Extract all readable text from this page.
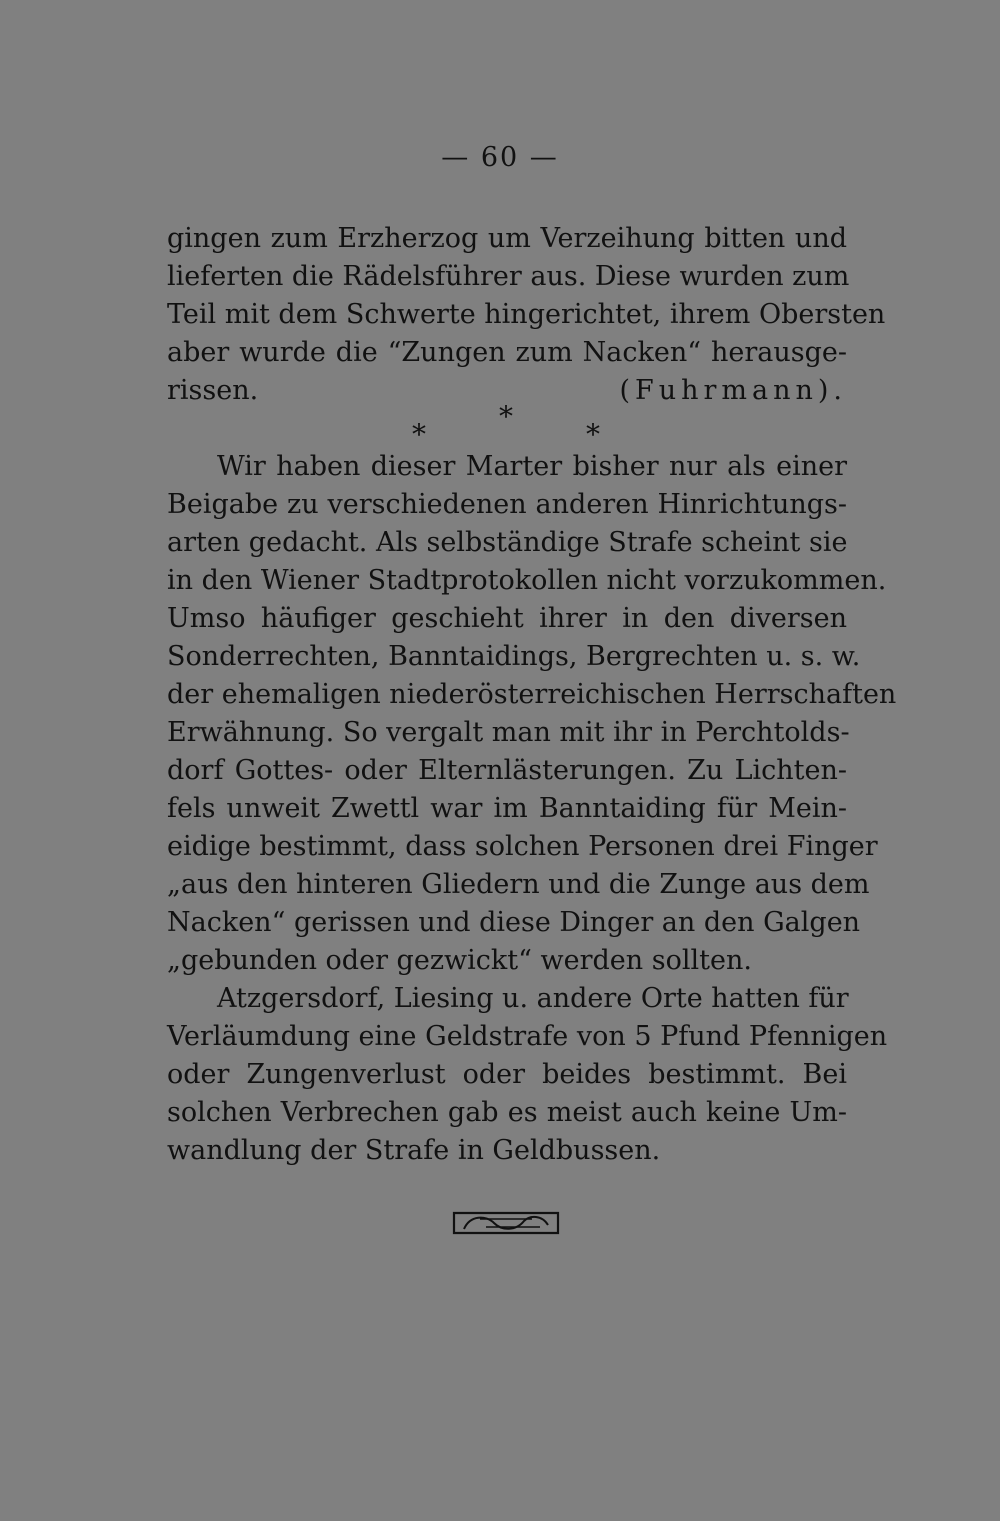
— 60 —
gingen zum Erzherzog um Verzeihung bitten und
lieferten die Rädelsführer aus. Diese wurden zum
Teil mit dem Schwerte hingerichtet, ihrem Obersten
aber wurde die “Zungen zum Nacken“ herausge-
rissen.	(Fuhrmann).
*
*	*
Wir haben dieser Marter bisher nur als einer
Beigabe zu verschiedenen anderen Hinrichtungs-
arten gedacht. Als selbständige Strafe scheint sie
in den Wiener Stadtprotokollen nicht vorzukommen.
Umso häufiger geschieht ihrer in den diversen
Sonderrechten, Banntaidings, Bergrechten u. s. w.
der ehemaligen niederösterreichischen Herrschaften
Erwähnung. So vergalt man mit ihr in Perchtolds-
dorf Gottes- oder Elternlästerungen. Zu Lichten-
fels unweit Zwettl war im Banntaiding für Mein-
eidige bestimmt, dass solchen Personen drei Finger
„aus den hinteren Gliedern und die Zunge aus dem
Nacken“ gerissen und diese Dinger an den Galgen
„gebunden oder gezwickt“ werden sollten.
Atzgersdorf, Liesing u. andere Orte hatten für
Verläumdung eine Geldstrafe von 5 Pfund Pfennigen
oder Zungenverlust oder beides bestimmt. Bei
solchen Verbrechen gab es meist auch keine Um-
wandlung der Strafe in Geldbussen.
